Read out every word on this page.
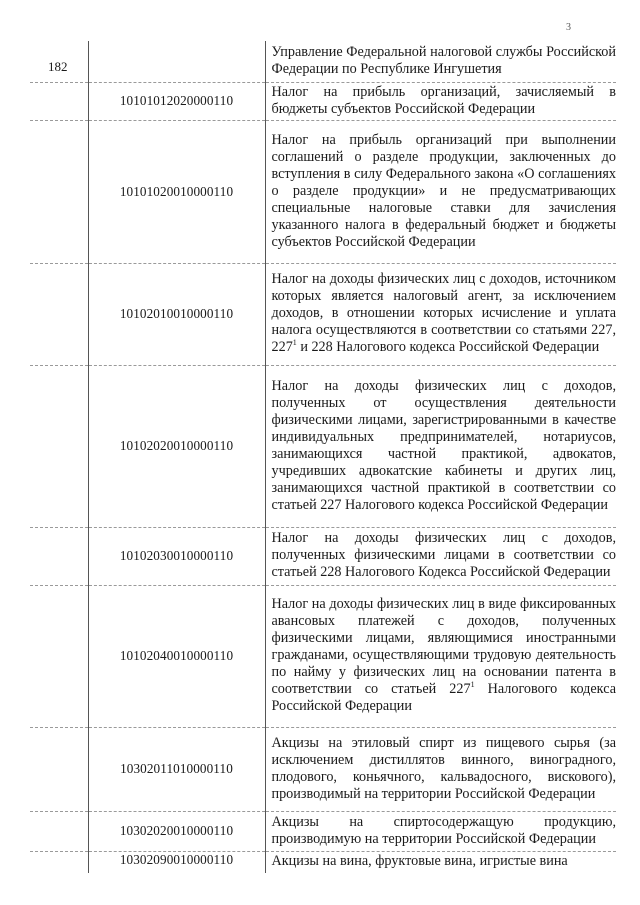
3
182		Управление Федеральной налоговой службы Российской Федерации по Республике Ингушетия
	10101012020000110	Налог на прибыль организаций, зачисляемый в бюджеты субъектов Российской Федерации
	10101020010000110	Налог на прибыль организаций при выполнении соглашений о разделе продукции, заключенных до вступления в силу Федерального закона «О соглашениях о разделе продукции» и не предусматривающих специальные налоговые ставки для зачисления указанного налога в федеральный бюджет и бюджеты субъектов Российской Федерации
	10102010010000110	Налог на доходы физических лиц с доходов, источником которых является налоговый агент, за исключением доходов, в отношении которых исчисление и уплата налога осуществляются в соответствии со статьями 227, $227^1$ и 228 Налогового кодекса Российской Федерации
	10102020010000110	Налог на доходы физических лиц с доходов, полученных от осуществления деятельности физическими лицами, зарегистрированными в качестве индивидуальных предпринимателей, нотариусов, занимающихся частной практикой, адвокатов, учредивших адвокатские кабинеты и других лиц, занимающихся частной практикой в соответствии со статьей 227 Налогового кодекса Российской Федерации
	10102030010000110	Налог на доходы физических лиц с доходов, полученных физическими лицами в соответствии со статьей 228 Налогового Кодекса Российской Федерации
	10102040010000110	Налог на доходы физических лиц в виде фиксированных авансовых платежей с доходов, полученных физическими лицами, являющимися иностранными гражданами, осуществляющими трудовую деятельность по найму у физических лиц на основании патента в соответствии со статьей $227^1$ Налогового кодекса Российской Федерации
	10302011010000110	Акцизы на этиловый спирт из пищевого сырья (за исключением дистиллятов винного, виноградного, плодового, коньячного, кальвадосного, вискового), производимый на территории Российской Федерации
	10302020010000110	Акцизы на спиртосодержащую продукцию, производимую на территории Российской Федерации
	10302090010000110	Акцизы на вина, фруктовые вина, игристые вина
